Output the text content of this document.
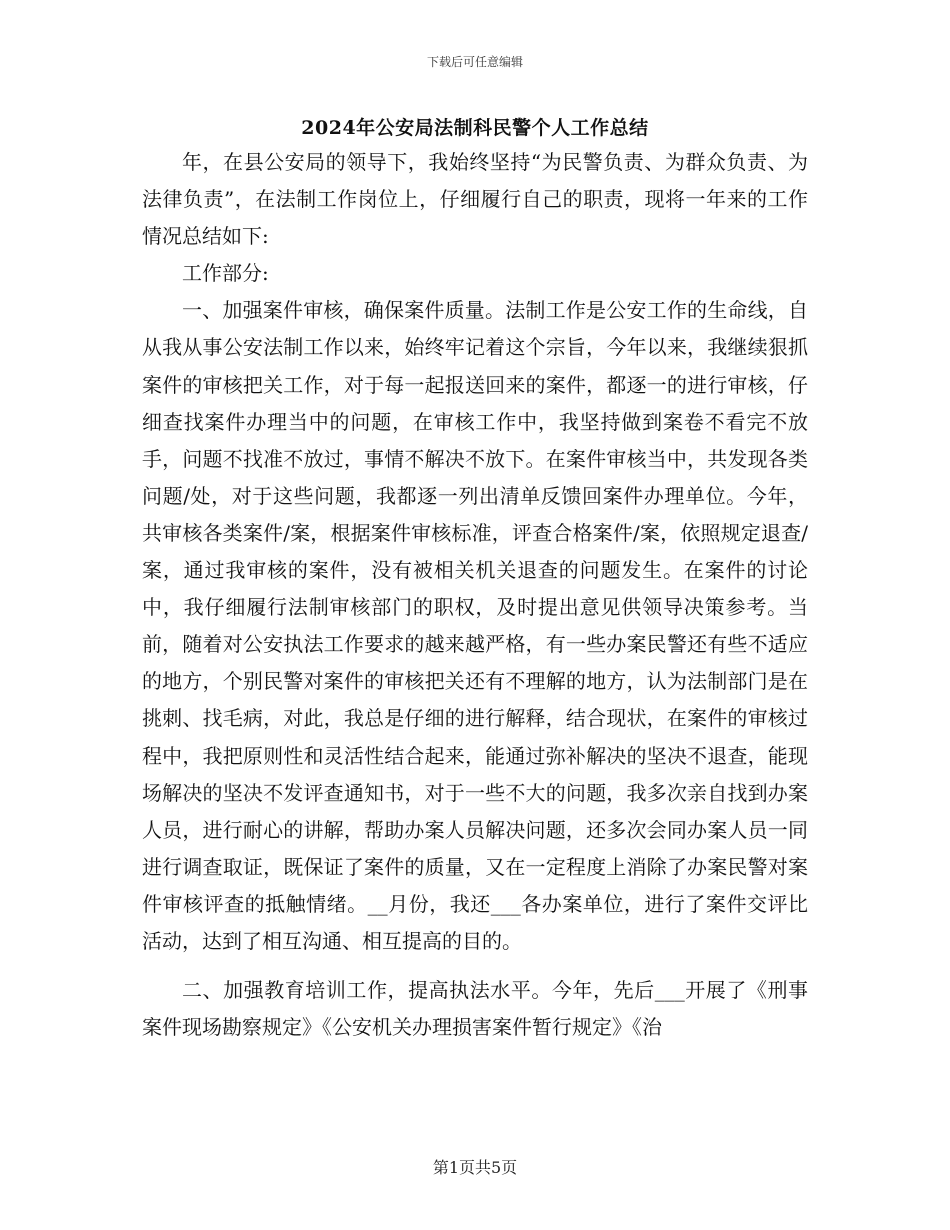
下载后可任意编辑
2024年公安局法制科民警个人工作总结

年，在县公安局的领导下，我始终坚持“为民警负责、为群众负责、为法律负责”，在法制工作岗位上，仔细履行自己的职责，现将一年来的工作情况总结如下:

工作部分:

一、加强案件审核，确保案件质量。法制工作是公安工作的生命线，自从我从事公安法制工作以来，始终牢记着这个宗旨，今年以来，我继续狠抓案件的审核把关工作，对于每一起报送回来的案件，都逐一的进行审核，仔细查找案件办理当中的问题，在审核工作中，我坚持做到案卷不看完不放手，问题不找准不放过，事情不解决不放下。在案件审核当中，共发现各类问题/处，对于这些问题，我都逐一列出清单反馈回案件办理单位。今年，共审核各类案件/案，根据案件审核标准，评查合格案件/案，依照规定退查/案，通过我审核的案件，没有被相关机关退查的问题发生。在案件的讨论中，我仔细履行法制审核部门的职权，及时提出意见供领导决策参考。当前，随着对公安执法工作要求的越来越严格，有一些办案民警还有些不适应的地方，个别民警对案件的审核把关还有不理解的地方，认为法制部门是在挑刺、找毛病，对此，我总是仔细的进行解释，结合现状，在案件的审核过程中，我把原则性和灵活性结合起来，能通过弥补解决的坚决不退查，能现场解决的坚决不发评查通知书，对于一些不大的问题，我多次亲自找到办案人员，进行耐心的讲解，帮助办案人员解决问题，还多次会同办案人员一同进行调查取证，既保证了案件的质量，又在一定程度上消除了办案民警对案件审核评查的抵触情绪。__月份，我还___各办案单位，进行了案件交评比活动，达到了相互沟通、相互提高的目的。

二、加强教育培训工作，提高执法水平。今年，先后___开展了《刑事案件现场勘察规定》《公安机关办理损害案件暂行规定》《治

第1页共5页
